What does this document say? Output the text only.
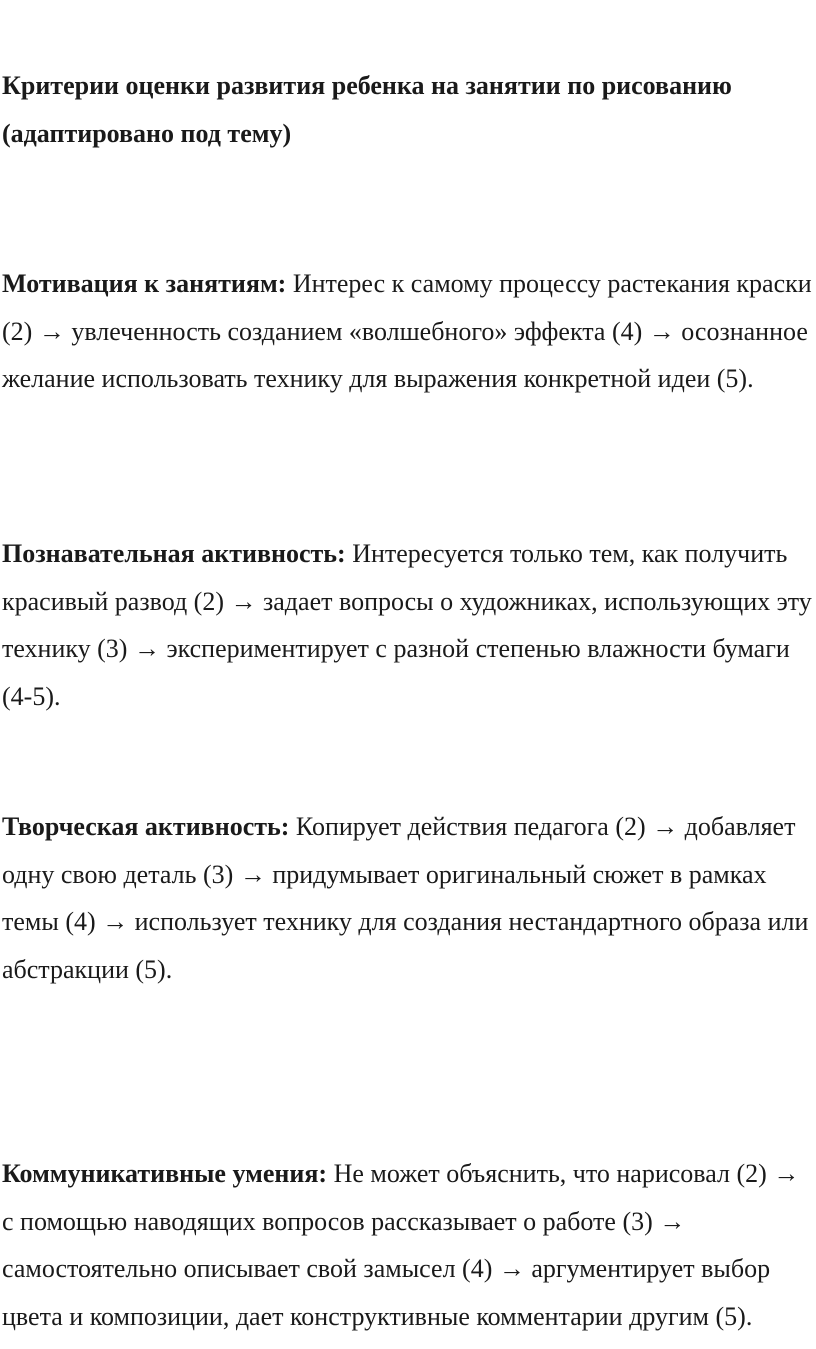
Критерии оценки развития ребенка на занятии по рисованию
(адаптировано под тему)

Мотивация к занятиям: Интерес к самому процессу растекания краски (2) → увлеченность созданием «волшебного» эффекта (4) → осознанное желание использовать технику для выражения конкретной идеи (5).

Познавательная активность: Интересуется только тем, как получить красивый развод (2) → задает вопросы о художниках, использующих эту технику (3) → экспериментирует с разной степенью влажности бумаги (4-5).

Творческая активность: Копирует действия педагога (2) → добавляет одну свою деталь (3) → придумывает оригинальный сюжет в рамках темы (4) → использует технику для создания нестандартного образа или абстракции (5).

Коммуникативные умения: Не может объяснить, что нарисовал (2) → с помощью наводящих вопросов рассказывает о работе (3) → самостоятельно описывает свой замысел (4) → аргументирует выбор цвета и композиции, дает конструктивные комментарии другим (5).
